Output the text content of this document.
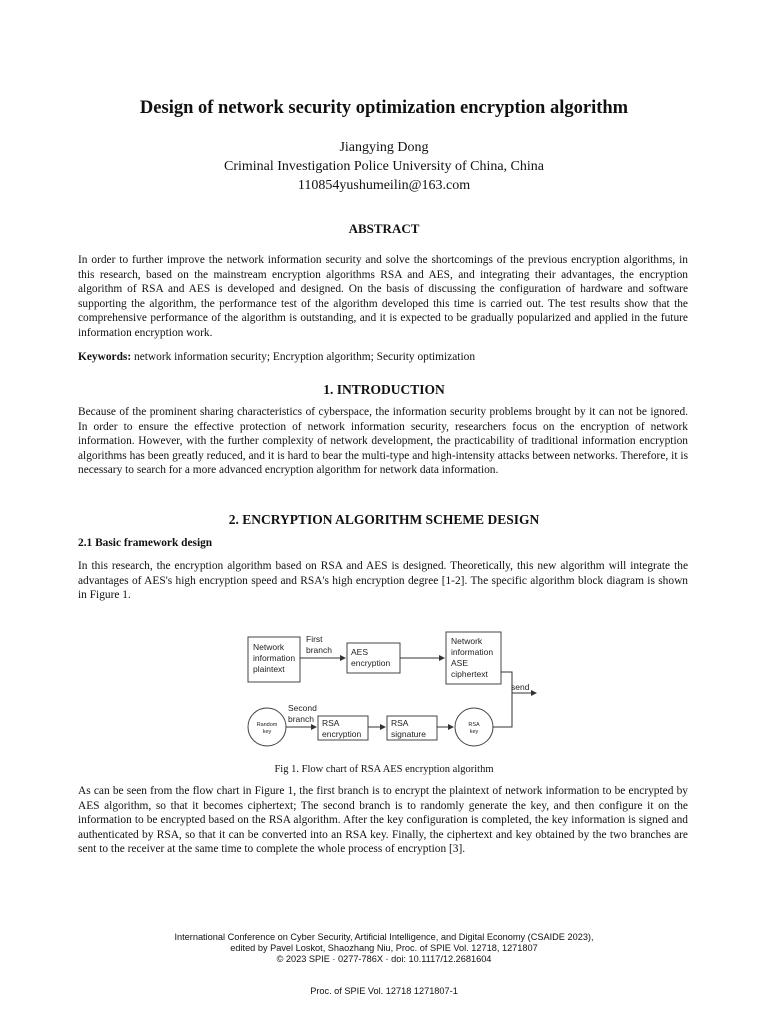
Design of network security optimization encryption algorithm
Jiangying Dong
Criminal Investigation Police University of China, China
110854yushumeilin@163.com
ABSTRACT

In order to further improve the network information security and solve the shortcomings of the previous encryption algorithms, in this research, based on the mainstream encryption algorithms RSA and AES, and integrating their advantages, the encryption algorithm of RSA and AES is developed and designed. On the basis of discussing the configuration of hardware and software supporting the algorithm, the performance test of the algorithm developed this time is carried out. The test results show that the comprehensive performance of the algorithm is outstanding, and it is expected to be gradually popularized and applied in the future information encryption work.

Keywords: network information security; Encryption algorithm; Security optimization

1. INTRODUCTION

Because of the prominent sharing characteristics of cyberspace, the information security problems brought by it can not be ignored. In order to ensure the effective protection of network information security, researchers focus on the encryption of network information. However, with the further complexity of network development, the practicability of traditional information encryption algorithms has been greatly reduced, and it is hard to bear the multi-type and high-intensity attacks between networks. Therefore, it is necessary to search for a more advanced encryption algorithm for network data information.

2. ENCRYPTION ALGORITHM SCHEME DESIGN
2.1 Basic framework design

In this research, the encryption algorithm based on RSA and AES is designed. Theoretically, this new algorithm will integrate the advantages of AES's high encryption speed and RSA's high encryption degree [1-2]. The specific algorithm block diagram is shown in Figure 1.

Network
information
plaintext
First
branch AES
encryption
Network
information
ASE
ciphertext
send
Second
branch RSA
encryption
RSA
signature
Random
key
RSA
key
Fig 1. Flow chart of RSA AES encryption algorithm

As can be seen from the flow chart in Figure 1, the first branch is to encrypt the plaintext of network information to be encrypted by AES algorithm, so that it becomes ciphertext; The second branch is to randomly generate the key, and then configure it on the information to be encrypted based on the RSA algorithm. After the key configuration is completed, the key information is signed and authenticated by RSA, so that it can be converted into an RSA key. Finally, the ciphertext and key obtained by the two branches are sent to the receiver at the same time to complete the whole process of encryption [3].

International Conference on Cyber Security, Artificial Intelligence, and Digital Economy (CSAIDE 2023),
edited by Pavel Loskot, Shaozhang Niu, Proc. of SPIE Vol. 12718, 1271807
© 2023 SPIE · 0277-786X · doi: 10.1117/12.2681604
Proc. of SPIE Vol. 12718 1271807-1
